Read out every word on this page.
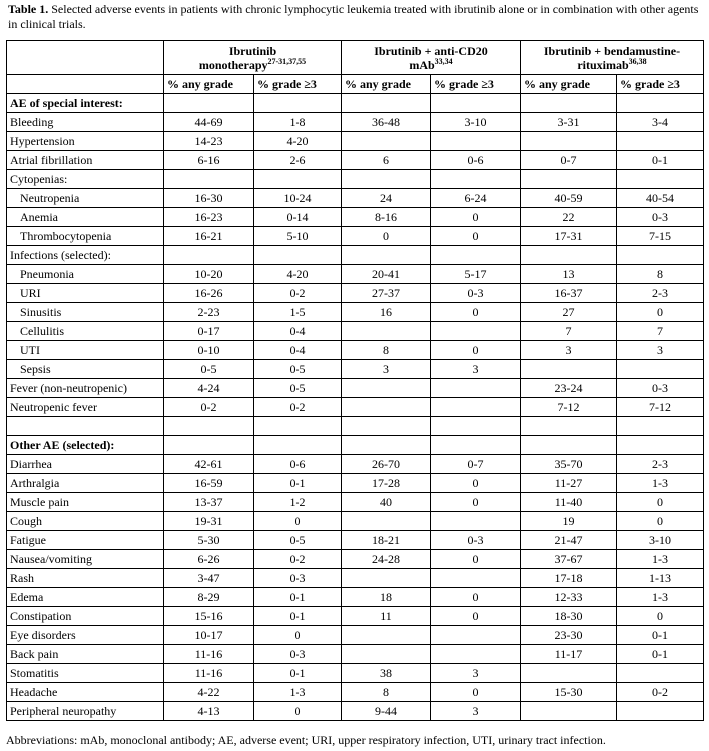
Table 1. Selected adverse events in patients with chronic lymphocytic leukemia treated with ibrutinib alone or in combination with other agents in clinical trials.
	Ibrutinib
monotherapy$^{27-31,37,55}$		Ibrutinib + anti-CD20
mAb$^{33,34}$		Ibrutinib + bendamustine-
rituximab$^{36,38}$
	% any grade	% grade ≥3	% any grade	% grade ≥3	% any grade	% grade ≥3
AE of special interest:						
Bleeding	44-69	1-8	36-48	3-10	3-31	3-4
Hypertension	14-23	4-20				
Atrial fibrillation	6-16	2-6	6	0-6	0-7	0-1
Cytopenias:						
Neutropenia	16-30	10-24	24	6-24	40-59	40-54
Anemia	16-23	0-14	8-16	0	22	0-3
Thrombocytopenia	16-21	5-10	0	0	17-31	7-15
Infections (selected):						
Pneumonia	10-20	4-20	20-41	5-17	13	8
URI	16-26	0-2	27-37	0-3	16-37	2-3
Sinusitis	2-23	1-5	16	0	27	0
Cellulitis	0-17	0-4			7	7
UTI	0-10	0-4	8	0	3	3
Sepsis	0-5	0-5	3	3		
Fever (non-neutropenic)	4-24	0-5			23-24	0-3
Neutropenic fever	0-2	0-2			7-12	7-12

Other AE (selected):						
Diarrhea	42-61	0-6	26-70	0-7	35-70	2-3
Arthralgia	16-59	0-1	17-28	0	11-27	1-3
Muscle pain	13-37	1-2	40	0	11-40	0
Cough	19-31	0			19	0
Fatigue	5-30	0-5	18-21	0-3	21-47	3-10
Nausea/vomiting	6-26	0-2	24-28	0	37-67	1-3
Rash	3-47	0-3			17-18	1-13
Edema	8-29	0-1	18	0	12-33	1-3
Constipation	15-16	0-1	11	0	18-30	0
Eye disorders	10-17	0			23-30	0-1
Back pain	11-16	0-3			11-17	0-1
Stomatitis	11-16	0-1	38	3		
Headache	4-22	1-3	8	0	15-30	0-2
Peripheral neuropathy	4-13	0	9-44	3		
Abbreviations: mAb, monoclonal antibody; AE, adverse event; URI, upper respiratory infection, UTI, urinary tract infection.
